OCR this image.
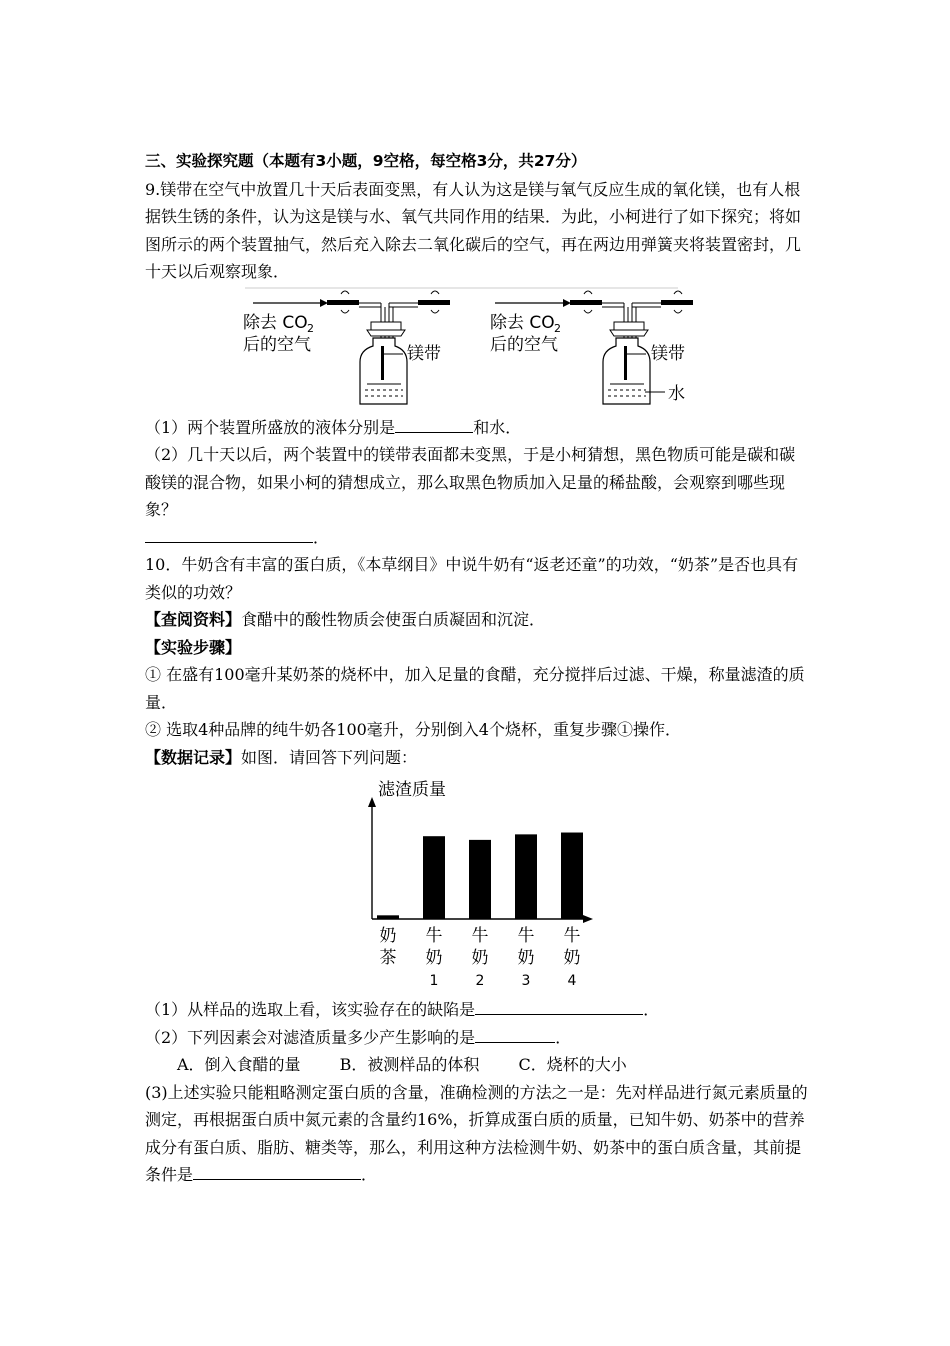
三、实验探究题（本题有3小题，9空格，每空格3分，共27分）

9.镁带在空气中放置几十天后表面变黑，有人认为这是镁与氧气反应生成的氧化镁，也有人根据铁生锈的条件，认为这是镁与水、氧气共同作用的结果．为此，小柯进行了如下探究；将如图所示的两个装置抽气，然后充入除去二氧化碳后的空气，再在两边用弹簧夹将装置密封，几十天以后观察现象．

除去 CO 2
后的空气	镁带
除去 CO 2
后的空气	镁带
水

（1）两个装置所盛放的液体分别是	和水．

（2）几十天以后，两个装置中的镁带表面都未变黑，于是小柯猜想，黑色物质可能是碳和碳酸镁的混合物，如果小柯的猜想成立，那么取黑色物质加入足量的稀盐酸，会观察到哪些现象？

．

10．牛奶含有丰富的蛋白质，《本草纲目》中说牛奶有“返老还童”的功效，“奶茶”是否也具有类似的功效？

【查阅资料】食醋中的酸性物质会使蛋白质凝固和沉淀．

【实验步骤】

① 在盛有100毫升某奶茶的烧杯中，加入足量的食醋，充分搅拌后过滤、干燥，称量滤渣的质量．

② 选取4种品牌的纯牛奶各100毫升，分别倒入4个烧杯，重复步骤①操作．

【数据记录】如图．请回答下列问题：

滤渣质量
奶
茶
牛
奶
1
牛
奶
2
牛
奶
3
牛
奶
4

（1）从样品的选取上看，该实验存在的缺陷是	．

（2）下列因素会对滤渣质量多少产生影响的是	．

A．倒入食醋的量 B．被测样品的体积 C．烧杯的大小

(3)上述实验只能粗略测定蛋白质的含量，准确检测的方法之一是：先对样品进行氮元素质量的测定，再根据蛋白质中氮元素的含量约16%，折算成蛋白质的质量，已知牛奶、奶茶中的营养成分有蛋白质、脂肪、糖类等，那么，利用这种方法检测牛奶、奶茶中的蛋白质含量，其前提条件是	．
